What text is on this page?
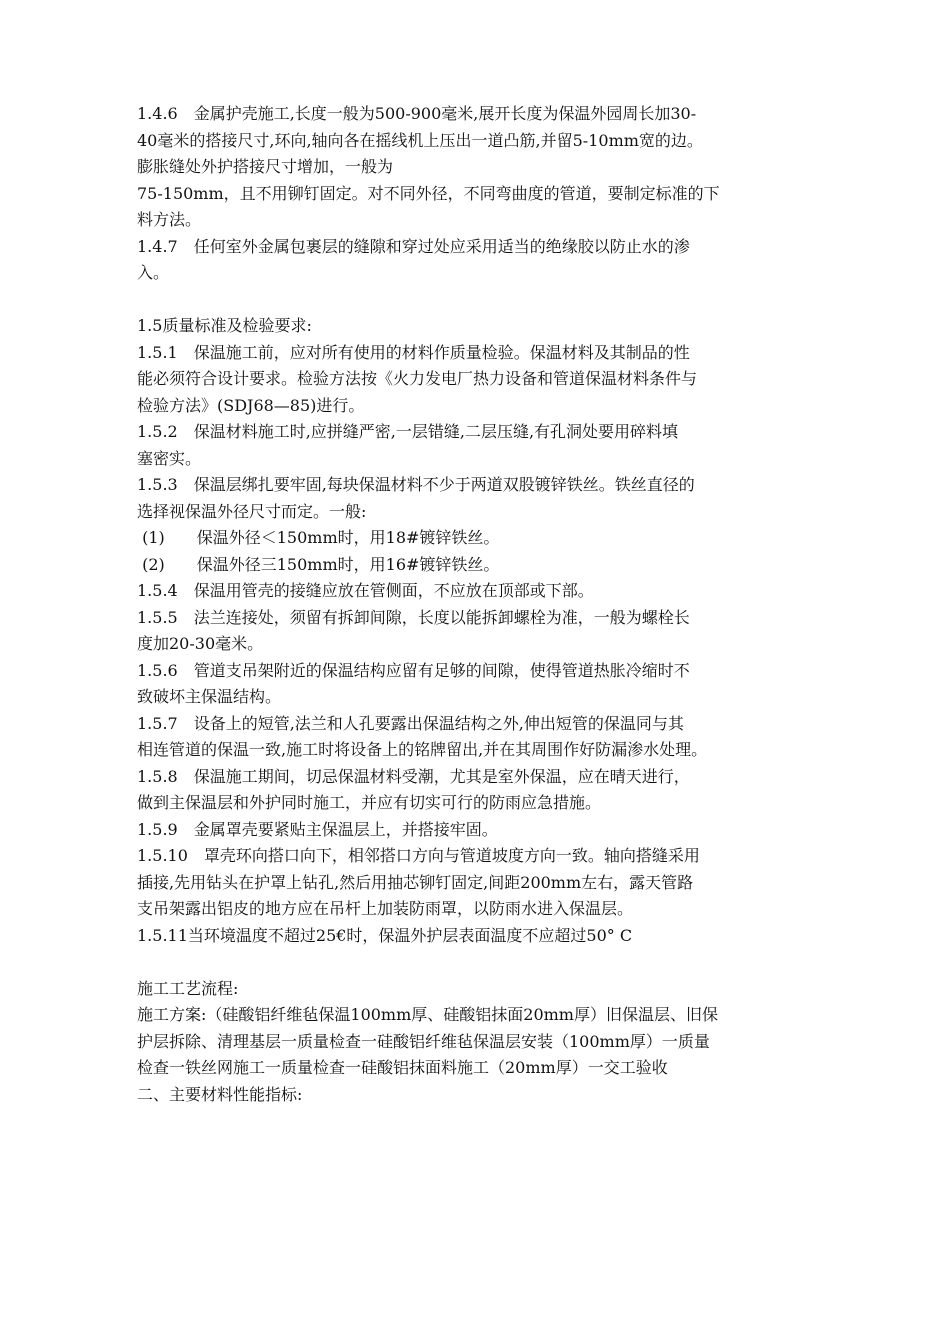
1.4.6　金属护壳施工,长度一般为500-900毫米,展开长度为保温外园周长加30-
40毫米的搭接尺寸,环向,轴向各在摇线机上压出一道凸筋,并留5-10mm宽的边。
膨胀缝处外护搭接尺寸增加，一般为
75-150mm，且不用铆钉固定。对不同外径，不同弯曲度的管道，要制定标准的下
料方法。
1.4.7　任何室外金属包裹层的缝隙和穿过处应采用适当的绝缘胶以防止水的渗
入。
1.5质量标准及检验要求:
1.5.1　保温施工前，应对所有使用的材料作质量检验。保温材料及其制品的性
能必须符合设计要求。检验方法按《火力发电厂热力设备和管道保温材料条件与
检验方法》(SDJ68—85)进行。
1.5.2　保温材料施工时,应拼缝严密,一层错缝,二层压缝,有孔洞处要用碎料填
塞密实。
1.5.3　保温层绑扎要牢固,每块保温材料不少于两道双股镀锌铁丝。铁丝直径的
选择视保温外径尺寸而定。一般:
(1)　　保温外径＜150mm时，用18#镀锌铁丝。
(2)　　保温外径三150mm时，用16#镀锌铁丝。
1.5.4　保温用管壳的接缝应放在管侧面，不应放在顶部或下部。
1.5.5　法兰连接处，须留有拆卸间隙，长度以能拆卸螺栓为准，一般为螺栓长
度加20-30毫米。
1.5.6　管道支吊架附近的保温结构应留有足够的间隙，使得管道热胀冷缩时不
致破坏主保温结构。
1.5.7　设备上的短管,法兰和人孔要露出保温结构之外,伸出短管的保温同与其
相连管道的保温一致,施工时将设备上的铭牌留出,并在其周围作好防漏渗水处理。
1.5.8　保温施工期间，切忌保温材料受潮，尤其是室外保温，应在晴天进行，
做到主保温层和外护同时施工，并应有切实可行的防雨应急措施。
1.5.9　金属罩壳要紧贴主保温层上，并搭接牢固。
1.5.10　罩壳环向搭口向下，相邻搭口方向与管道坡度方向一致。轴向搭缝采用
插接,先用钻头在护罩上钻孔,然后用抽芯铆钉固定,间距200mm左右，露天管路
支吊架露出铝皮的地方应在吊杆上加装防雨罩，以防雨水进入保温层。
1.5.11当环境温度不超过25€时，保温外护层表面温度不应超过50° C
施工工艺流程:
施工方案:（硅酸铝纤维毡保温100mm厚、硅酸铝抹面20mm厚）旧保温层、旧保
护层拆除、清理基层一质量检查一硅酸铝纤维毡保温层安装（100mm厚）一质量
检查一铁丝网施工一质量检查一硅酸铝抹面料施工（20mm厚）一交工验收
二、主要材料性能指标:
